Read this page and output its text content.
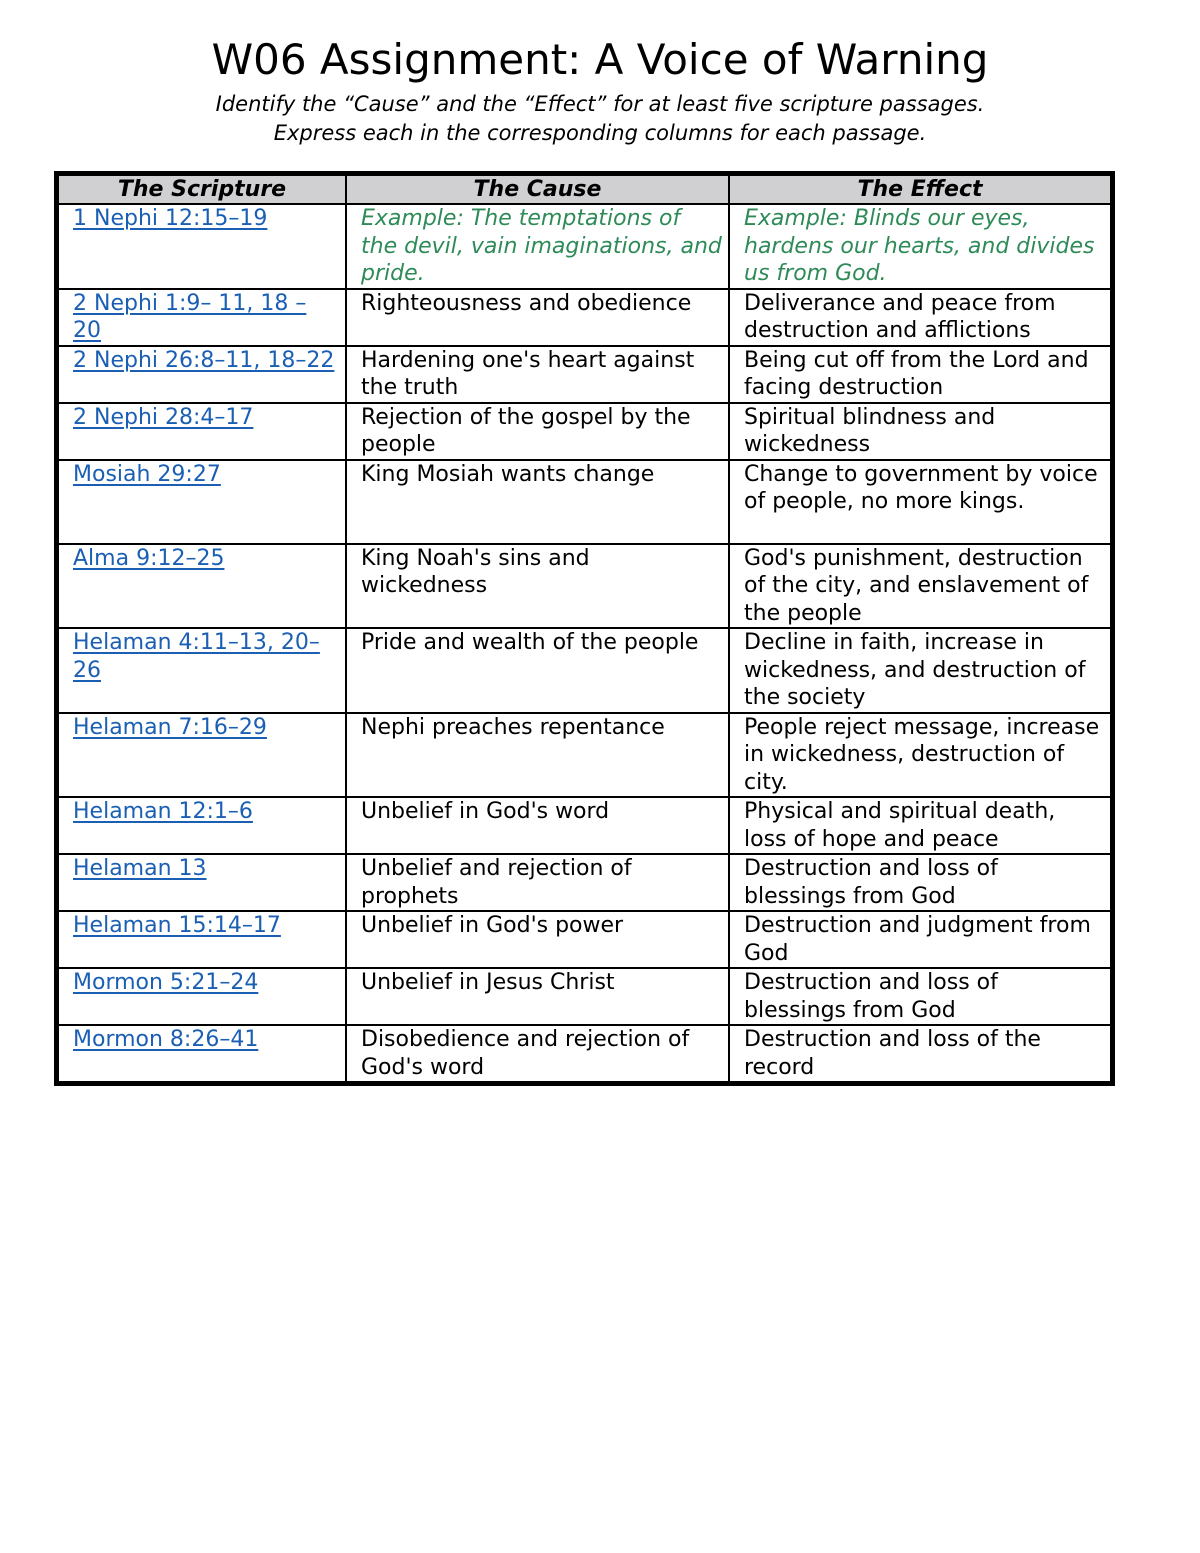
W06 Assignment: A Voice of Warning

Identify the “Cause” and the “Effect” for at least five scripture passages.

Express each in the corresponding columns for each passage.

The Scripture	The Cause	The Effect
1 Nephi 12:15–19	Example: The temptations of the devil, vain imaginations, and pride.	Example: Blinds our eyes, hardens our hearts, and divides us from God.
2 Nephi 1:9– 11, 18 – 20	Righteousness and obedience	Deliverance and peace from destruction and afflictions
2 Nephi 26:8–11, 18–22	Hardening one's heart against the truth	Being cut off from the Lord and facing destruction
2 Nephi 28:4–17	Rejection of the gospel by the people	Spiritual blindness and wickedness
Mosiah 29:27	King Mosiah wants change	Change to government by voice of people, no more kings.
Alma 9:12–25	King Noah's sins and wickedness	God's punishment, destruction of the city, and enslavement of the people
Helaman 4:11–13, 20–26	Pride and wealth of the people	Decline in faith, increase in wickedness, and destruction of the society
Helaman 7:16–29	Nephi preaches repentance	People reject message, increase in wickedness, destruction of city.
Helaman 12:1–6	Unbelief in God's word	Physical and spiritual death, loss of hope and peace
Helaman 13	Unbelief and rejection of prophets	Destruction and loss of blessings from God
Helaman 15:14–17	Unbelief in God's power	Destruction and judgment from God
Mormon 5:21–24	Unbelief in Jesus Christ	Destruction and loss of blessings from God
Mormon 8:26–41	Disobedience and rejection of God's word	Destruction and loss of the record
